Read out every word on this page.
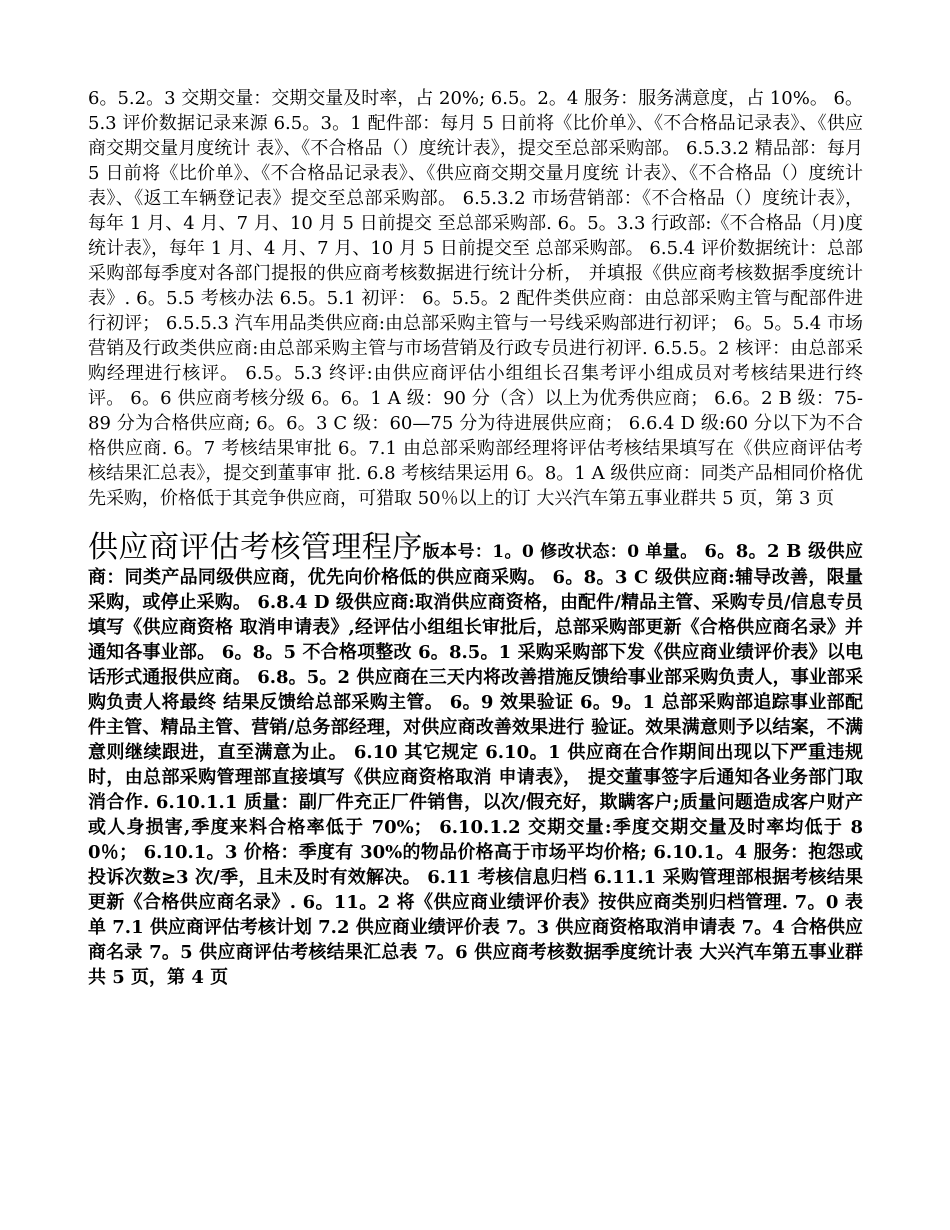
6。5.2。3 交期交量：交期交量及时率，占 20%; 6.5。2。4 服务：服务满意度，占 10%。 6。5.3 评价数据记录来源 6.5。3。1 配件部：每月 5 日前将《比价单》、《不合格品记录表》、《供应商交期交量月度统计 表》、《不合格品（）度统计表》，提交至总部采购部。 6.5.3.2 精品部：每月 5 日前将《比价单》、《不合格品记录表》、《供应商交期交量月度统 计表》、《不合格品（）度统计表》、《返工车辆登记表》提交至总部采购部。 6.5.3.2 市场营销部：《不合格品（）度统计表》，每年 1 月、4 月、7 月、10 月 5 日前提交 至总部采购部. 6。5。3.3 行政部:《不合格品（月)度统计表》，每年 1 月、4 月、7 月、10 月 5 日前提交至 总部采购部。 6.5.4 评价数据统计：总部采购部每季度对各部门提报的供应商考核数据进行统计分析， 并填报《供应商考核数据季度统计表》. 6。5.5 考核办法 6.5。5.1 初评： 6。5.5。2 配件类供应商：由总部采购主管与配部件进行初评； 6.5.5.3 汽车用品类供应商:由总部采购主管与一号线采购部进行初评； 6。5。5.4 市场营销及行政类供应商:由总部采购主管与市场营销及行政专员进行初评. 6.5.5。2 核评：由总部采购经理进行核评。 6.5。5.3 终评:由供应商评估小组组长召集考评小组成员对考核结果进行终评。 6。6 供应商考核分级 6。6。1 A 级：90 分（含）以上为优秀供应商； 6.6。2 B 级：75-89 分为合格供应商; 6。6。3 C 级：60—75 分为待进展供应商； 6.6.4 D 级:60 分以下为不合格供应商. 6。7 考核结果审批 6。7.1 由总部采购部经理将评估考核结果填写在《供应商评估考核结果汇总表》，提交到董事审 批. 6.8 考核结果运用 6。8。1 A 级供应商：同类产品相同价格优先采购，价格低于其竞争供应商，可猎取 50％以上的订 大兴汽车第五事业群共 5 页，第 3 页

供应商评估考核管理程序版本号：1。0 修改状态：0 单量。 6。8。2 B 级供应商：同类产品同级供应商，优先向价格低的供应商采购。 6。8。3 C 级供应商:辅导改善，限量采购，或停止采购。 6.8.4 D 级供应商:取消供应商资格，由配件/精品主管、采购专员/信息专员填写《供应商资格 取消申请表》,经评估小组组长审批后，总部采购部更新《合格供应商名录》并通知各事业部。 6。8。5 不合格项整改 6。8.5。1 采购采购部下发《供应商业绩评价表》以电话形式通报供应商。 6.8。5。2 供应商在三天内将改善措施反馈给事业部采购负责人，事业部采购负责人将最终 结果反馈给总部采购主管。 6。9 效果验证 6。9。1 总部采购部追踪事业部配件主管、精品主管、营销/总务部经理，对供应商改善效果进行 验证。效果满意则予以结案，不满意则继续跟进，直至满意为止。 6.10 其它规定 6.10。1 供应商在合作期间出现以下严重违规时，由总部采购管理部直接填写《供应商资格取消 申请表》， 提交董事签字后通知各业务部门取消合作. 6.10.1.1 质量：副厂件充正厂件销售，以次/假充好，欺瞒客户;质量问题造成客户财产 或人身损害,季度来料合格率低于 70%； 6.10.1.2 交期交量:季度交期交量及时率均低于 80％； 6.10.1。3 价格：季度有 30%的物品价格高于市场平均价格; 6.10.1。4 服务：抱怨或投诉次数≥3 次/季，且未及时有效解决。 6.11 考核信息归档 6.11.1 采购管理部根据考核结果更新《合格供应商名录》. 6。11。2 将《供应商业绩评价表》按供应商类别归档管理. 7。0 表单 7.1 供应商评估考核计划 7.2 供应商业绩评价表 7。3 供应商资格取消申请表 7。4 合格供应商名录 7。5 供应商评估考核结果汇总表 7。6 供应商考核数据季度统计表 大兴汽车第五事业群共 5 页，第 4 页
